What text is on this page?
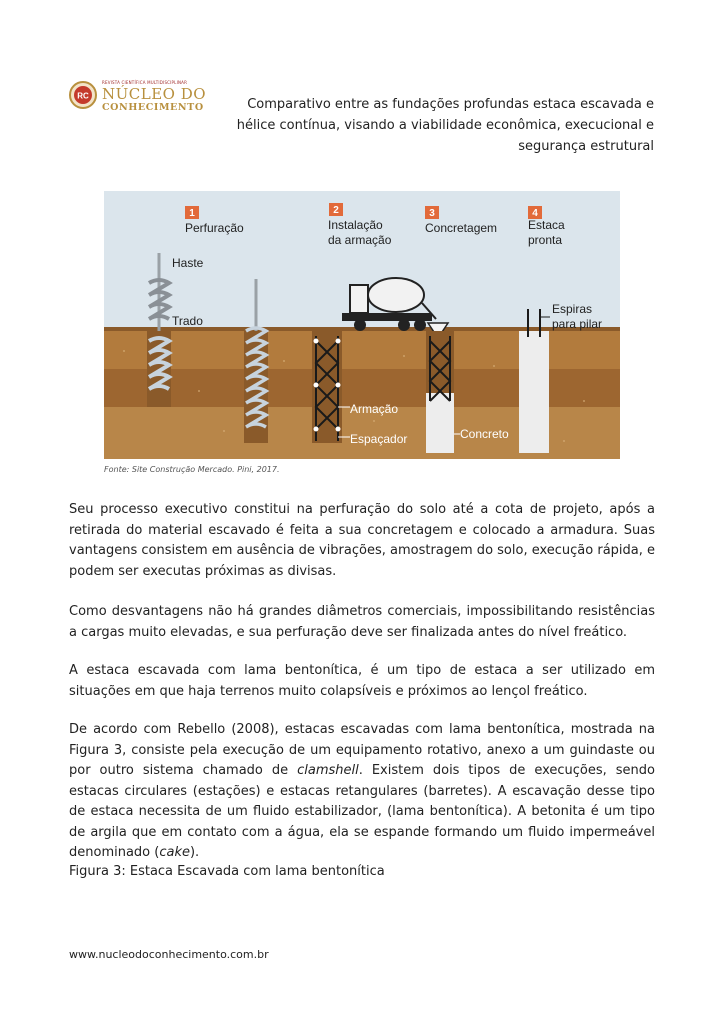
RC
REVISTA CIENTÍFICA MULTIDISCIPLINAR
NÚCLEO DO
CONHECIMENTO	Comparativo entre as fundações profundas estaca escavada e hélice contínua, visando a viabilidade econômica, execucional e segurança estrutural
1	2	3	4
Perfuração	Instalação
da armação
Concretagem	Estaca
pronta
Haste
Trado
Armação
Espaçador	Concreto
Espiras
para pilar
Fonte: Site Construção Mercado. Pini, 2017.

Seu processo executivo constitui na perfuração do solo até a cota de projeto, após a retirada do material escavado é feita a sua concretagem e colocado a armadura. Suas vantagens consistem em ausência de vibrações, amostragem do solo, execução rápida, e podem ser executas próximas as divisas.

Como desvantagens não há grandes diâmetros comerciais, impossibilitando resistências a cargas muito elevadas, e sua perfuração deve ser finalizada antes do nível freático.

A estaca escavada com lama bentonítica, é um tipo de estaca a ser utilizado em situações em que haja terrenos muito colapsíveis e próximos ao lençol freático.

De acordo com Rebello (2008), estacas escavadas com lama bentonítica, mostrada na Figura 3, consiste pela execução de um equipamento rotativo, anexo a um guindaste ou por outro sistema chamado de clamshell. Existem dois tipos de execuções, sendo estacas circulares (estações) e estacas retangulares (barretes). A escavação desse tipo de estaca necessita de um fluido estabilizador, (lama bentonítica). A betonita é um tipo de argila que em contato com a água, ela se espande formando um fluido impermeável denominado (cake).

Figura 3: Estaca Escavada com lama bentonítica
www.nucleodoconhecimento.com.br
